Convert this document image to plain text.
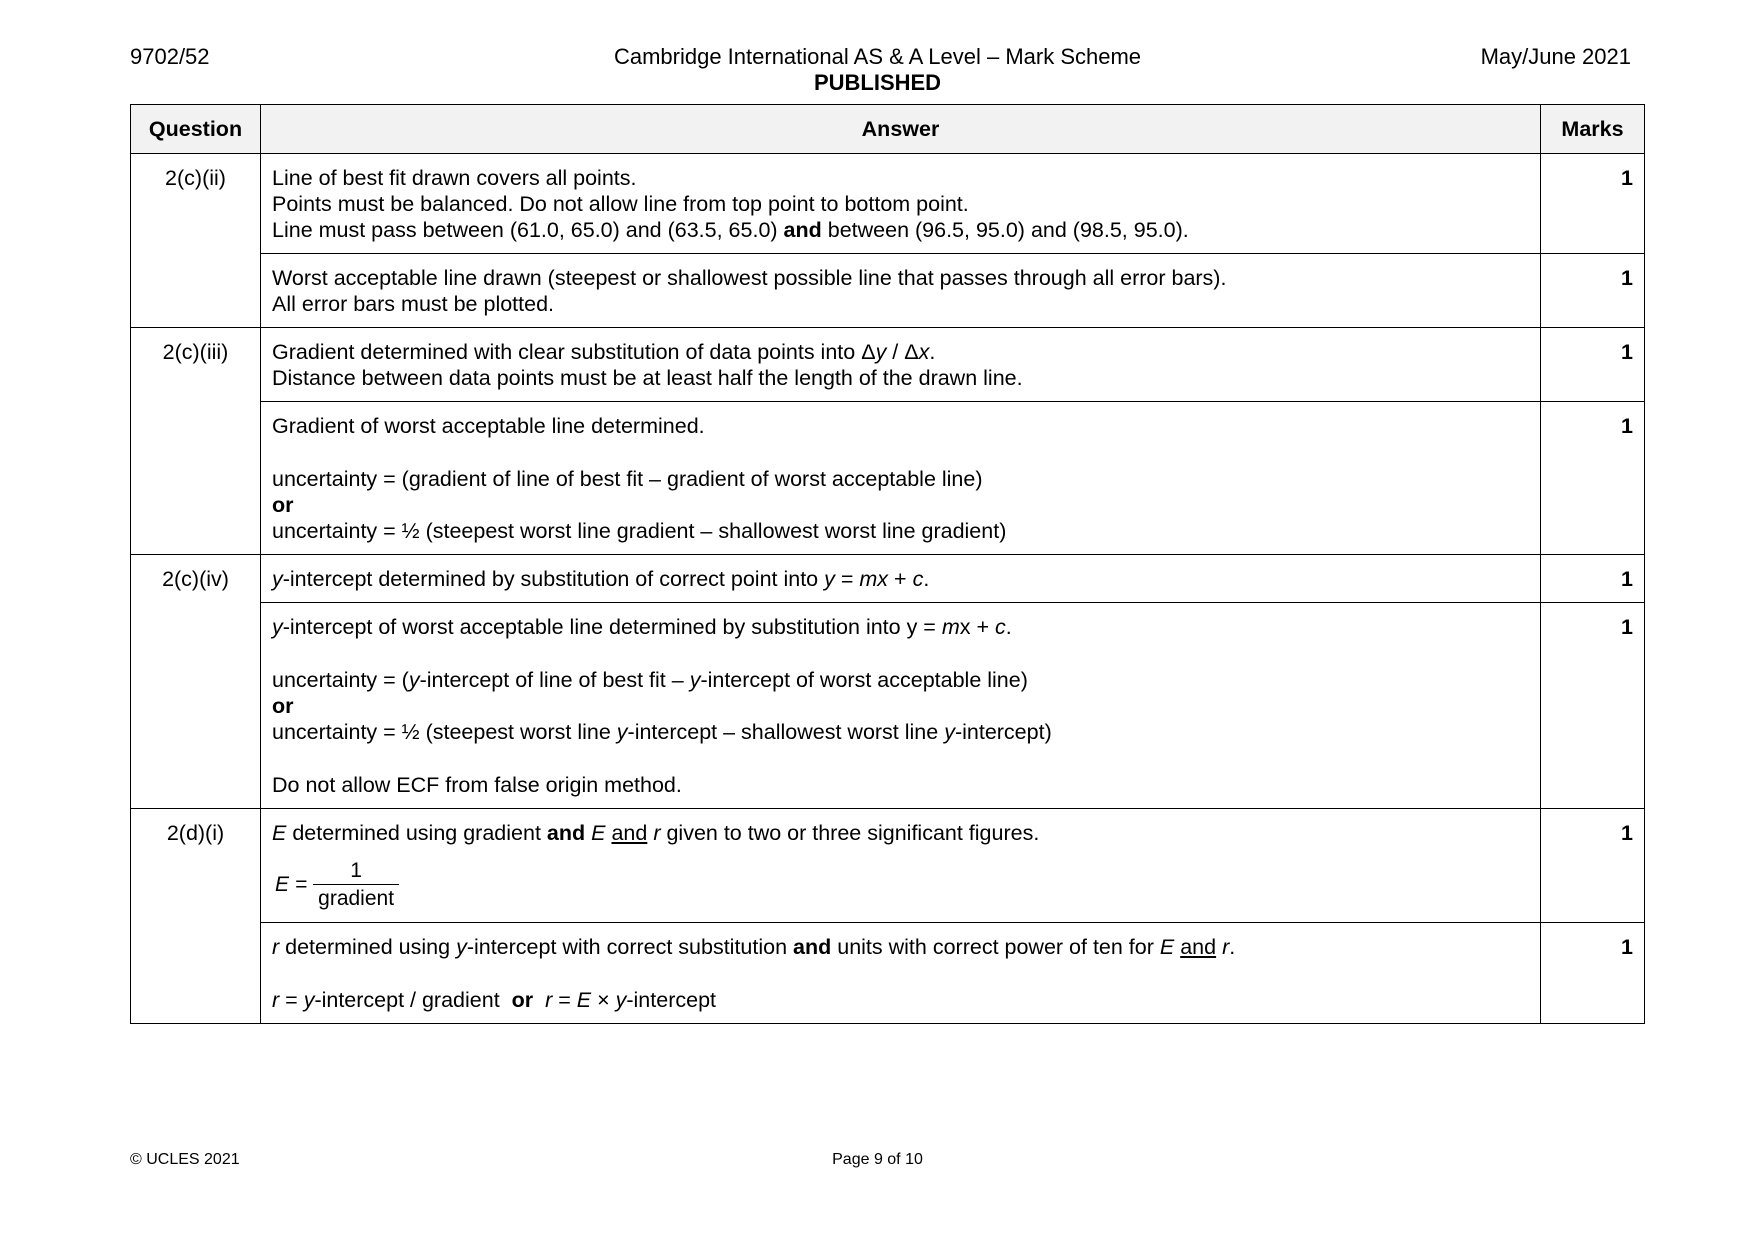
9702/52	Cambridge International AS & A Level – Mark Scheme
PUBLISHED
May/June 2021
Question	Answer	Marks
2(c)(ii)	Line of best fit drawn covers all points.
Points must be balanced. Do not allow line from top point to bottom point.
Line must pass between (61.0, 65.0) and (63.5, 65.0) and between (96.5, 95.0) and (98.5, 95.0).	1

	Worst acceptable line drawn (steepest or shallowest possible line that passes through all error bars).
All error bars must be plotted.	1
2(c)(iii)	Gradient determined with clear substitution of data points into Δy / Δx.
Distance between data points must be at least half the length of the drawn line.	1

	Gradient of worst acceptable line determined.
uncertainty = (gradient of line of best fit – gradient of worst acceptable line)
or
uncertainty = ½ (steepest worst line gradient – shallowest worst line gradient)	1
2(c)(iv)	y-intercept determined by substitution of correct point into y = mx + c.	1

	y-intercept of worst acceptable line determined by substitution into y = mx + c.
uncertainty = (y-intercept of line of best fit – y-intercept of worst acceptable line)
or
uncertainty = ½ (steepest worst line y-intercept – shallowest worst line y-intercept)
Do not allow ECF from false origin method.	1
2(d)(i)	E determined using gradient and E and r given to two or three significant figures.
$E = \frac{1}{\text{gradient}}$	1

	r determined using y-intercept with correct substitution and units with correct power of ten for E and r.
r = y-intercept / gradient  or r = E × y-intercept	1
© UCLES 2021	Page 9 of 10
